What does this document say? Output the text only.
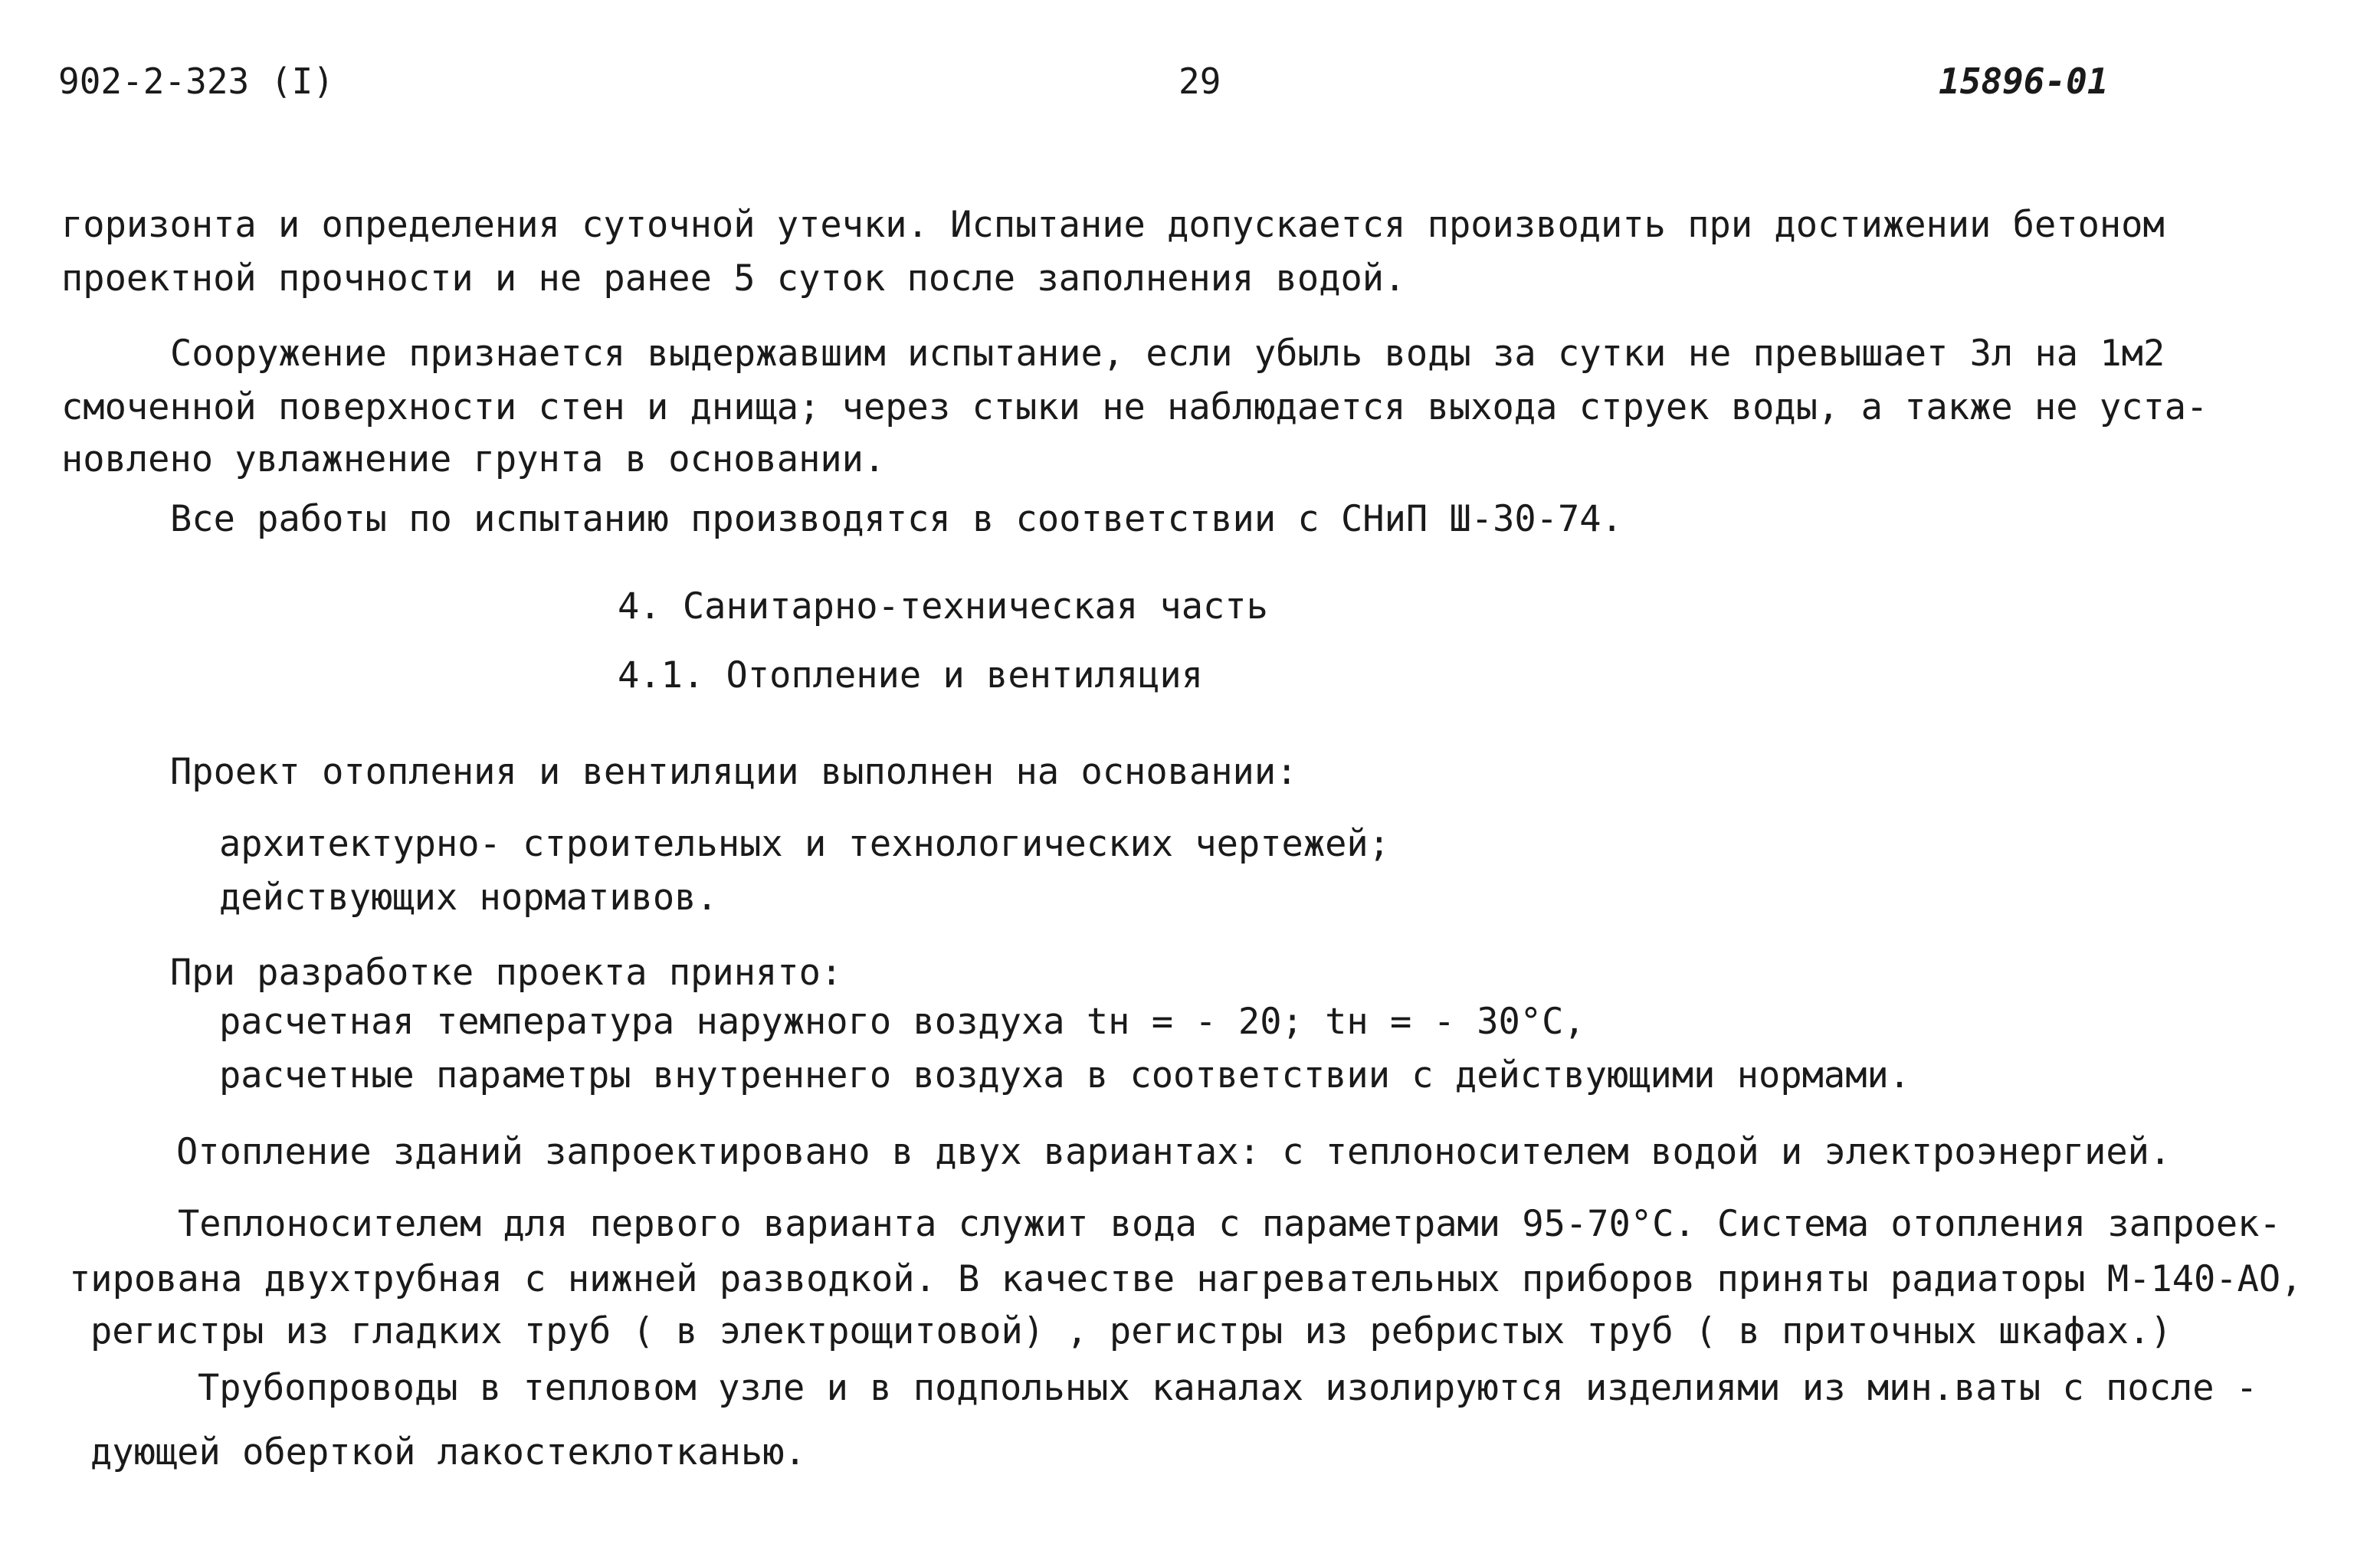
902-2-323 (I)	29	15896-01
горизонта и определения суточной утечки. Испытание допускается производить при достижении бетоном
проектной прочности и не ранее 5 суток после заполнения водой.
Сооружение признается выдержавшим испытание, если убыль воды за сутки не превышает 3л на 1м2
смоченной поверхности стен и днища; через стыки не наблюдается выхода струек воды, а также не уста-
новлено увлажнение грунта в основании.
Все работы по испытанию производятся в соответствии с СНиП Ш-30-74.
4. Санитарно-техническая часть
4.1. Отопление и вентиляция
Проект отопления и вентиляции выполнен на основании:
архитектурно- строительных и технологических чертежей;
действующих нормативов.
При разработке проекта принято:
расчетная температура наружного воздуха tн = - 20; tн = - 30°С,
расчетные параметры внутреннего воздуха в соответствии с действующими нормами.
Отопление зданий запроектировано в двух вариантах: с теплоносителем водой и электроэнергией.
Теплоносителем для первого варианта служит вода с параметрами 95-70°С. Система отопления запроек-
тирована двухтрубная с нижней разводкой. В качестве нагревательных приборов приняты радиаторы М-140-АО,
регистры из гладких труб ( в электрощитовой) , регистры из ребристых труб ( в приточных шкафах.)
Трубопроводы в тепловом узле и в подпольных каналах изолируются изделиями из мин.ваты с после -
дующей оберткой лакостеклотканью.
